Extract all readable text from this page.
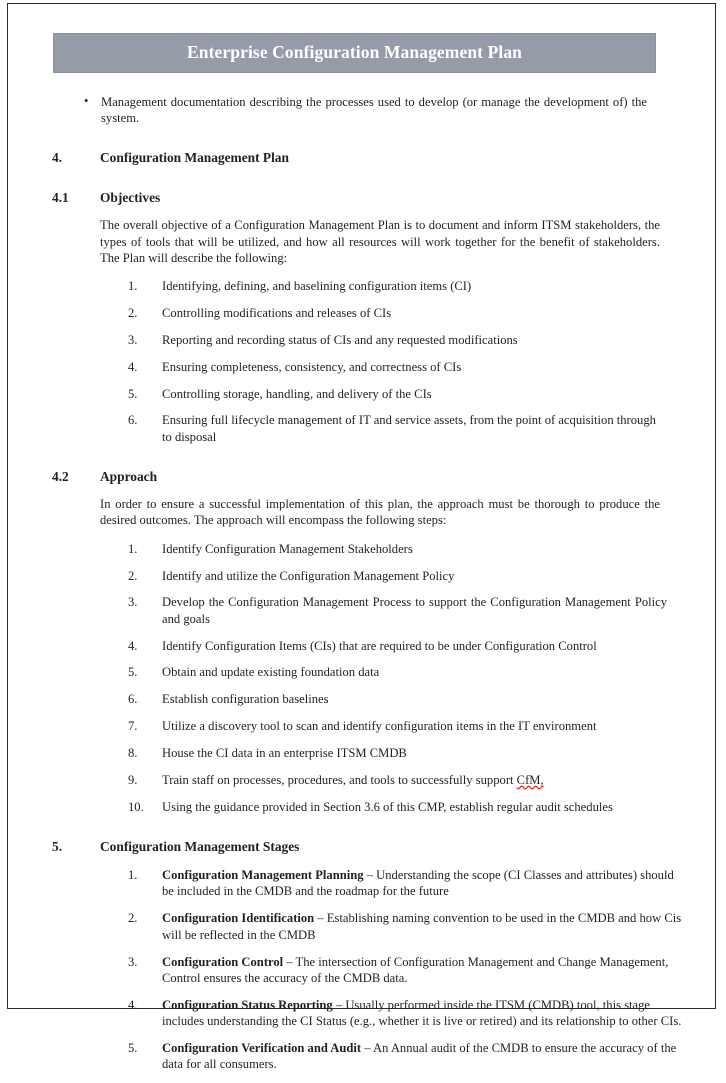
Enterprise Configuration Management Plan
• Management documentation describing the processes used to develop (or manage the development of) the system.
4.	Configuration Management Plan
4.1	Objectives

The overall objective of a Configuration Management Plan is to document and inform ITSM stakeholders, the types of tools that will be utilized, and how all resources will work together for the benefit of stakeholders. The Plan will describe the following:

1.	Identifying, defining, and baselining configuration items (CI)
2.	Controlling modifications and releases of CIs
3.	Reporting and recording status of CIs and any requested modifications
4.	Ensuring completeness, consistency, and correctness of CIs
5.	Controlling storage, handling, and delivery of the CIs
6.	Ensuring full lifecycle management of IT and service assets, from the point of acquisition through to disposal
4.2	Approach

In order to ensure a successful implementation of this plan, the approach must be thorough to produce the desired outcomes. The approach will encompass the following steps:

1.	Identify Configuration Management Stakeholders
2.	Identify and utilize the Configuration Management Policy
3.	Develop the Configuration Management Process to support the Configuration Management Policy and goals
4.	Identify Configuration Items (CIs) that are required to be under Configuration Control
5.	Obtain and update existing foundation data
6.	Establish configuration baselines
7.	Utilize a discovery tool to scan and identify configuration items in the IT environment
8.	House the CI data in an enterprise ITSM CMDB
9.	Train staff on processes, procedures, and tools to successfully support CfM,
10.	Using the guidance provided in Section 3.6 of this CMP, establish regular audit schedules
5.	Configuration Management Stages
1.	Configuration Management Planning – Understanding the scope (CI Classes and attributes) should be included in the CMDB and the roadmap for the future
2.	Configuration Identification – Establishing naming convention to be used in the CMDB and how Cis will be reflected in the CMDB
3.	Configuration Control – The intersection of Configuration Management and Change Management, Control ensures the accuracy of the CMDB data.
4.	Configuration Status Reporting – Usually performed inside the ITSM (CMDB) tool, this stage includes understanding the CI Status (e.g., whether it is live or retired) and its relationship to other CIs.
5.	Configuration Verification and Audit – An Annual audit of the CMDB to ensure the accuracy of the data for all consumers.
